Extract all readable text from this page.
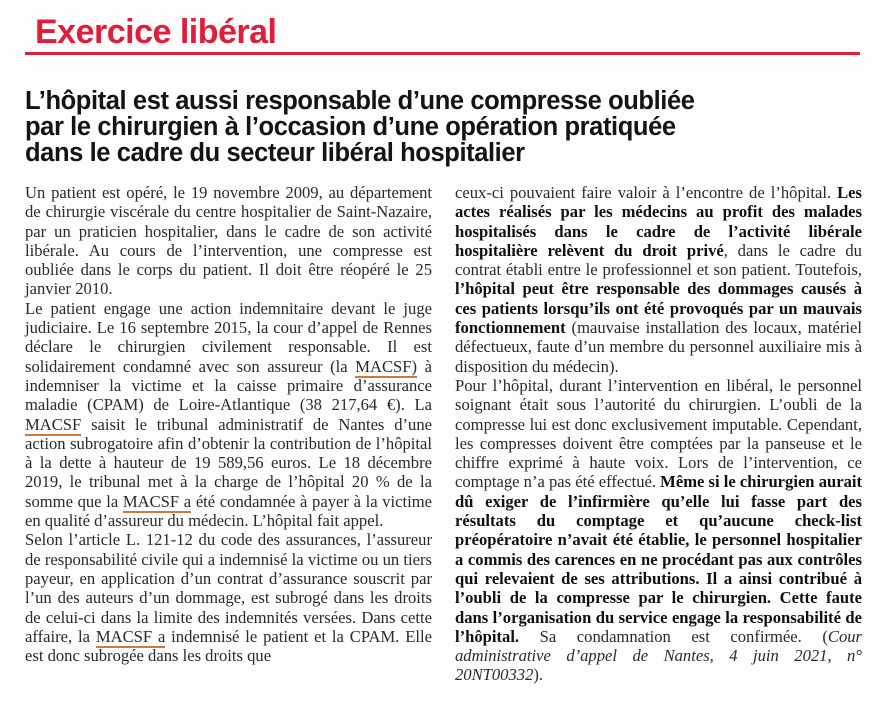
Exercice libéral
L’hôpital est aussi responsable d’une compresse oubliée
par le chirurgien à l’occasion d’une opération pratiquée
dans le cadre du secteur libéral hospitalier

Un patient est opéré, le 19 novembre 2009, au département de chirurgie viscérale du centre hospitalier de Saint-Nazaire, par un praticien hospitalier, dans le cadre de son activité libérale. Au cours de l’intervention, une compresse est oubliée dans le corps du patient. Il doit être réopéré le 25 janvier 2010.

Le patient engage une action indemnitaire devant le juge judiciaire. Le 16 septembre 2015, la cour d’appel de Rennes déclare le chirurgien civilement responsable. Il est solidairement condamné avec son assureur (la MACSF) à indemniser la victime et la caisse primaire d’assurance maladie (CPAM) de Loire-Atlantique (38 217,64 €). La MACSF saisit le tribunal administratif de Nantes d’une action subrogatoire afin d’obtenir la contribution de l’hôpital à la dette à hauteur de 19 589,56 euros. Le 18 décembre 2019, le tribunal met à la charge de l’hôpital 20 % de la somme que la MACSF a été condamnée à payer à la victime en qualité d’assureur du médecin. L’hôpital fait appel.

Selon l’article L. 121-12 du code des assurances, l’assureur de responsabilité civile qui a indemnisé la victime ou un tiers payeur, en application d’un contrat d’assurance souscrit par l’un des auteurs d’un dommage, est subrogé dans les droits de celui-ci dans la limite des indemnités versées. Dans cette affaire, la MACSF a indemnisé le patient et la CPAM. Elle est donc subrogée dans les droits que

ceux-ci pouvaient faire valoir à l’encontre de l’hôpital. Les actes réalisés par les médecins au profit des malades hospitalisés dans le cadre de l’activité libérale hospitalière relèvent du droit privé, dans le cadre du contrat établi entre le professionnel et son patient. Toutefois, l’hôpital peut être responsable des dommages causés à ces patients lorsqu’ils ont été provoqués par un mauvais fonctionnement (mauvaise installation des locaux, matériel défectueux, faute d’un membre du personnel auxiliaire mis à disposition du médecin).

Pour l’hôpital, durant l’intervention en libéral, le personnel soignant était sous l’autorité du chirurgien. L’oubli de la compresse lui est donc exclusivement imputable. Cependant, les compresses doivent être comptées par la panseuse et le chiffre exprimé à haute voix. Lors de l’intervention, ce comptage n’a pas été effectué. Même si le chirurgien aurait dû exiger de l’infirmière qu’elle lui fasse part des résultats du comptage et qu’aucune check-list préopératoire n’avait été établie, le personnel hospitalier a commis des carences en ne procédant pas aux contrôles qui relevaient de ses attributions. Il a ainsi contribué à l’oubli de la compresse par le chirurgien. Cette faute dans l’organisation du service engage la responsabilité de l’hôpital. Sa condamnation est confirmée. (Cour administrative d’appel de Nantes, 4 juin 2021, n° 20NT00332).
